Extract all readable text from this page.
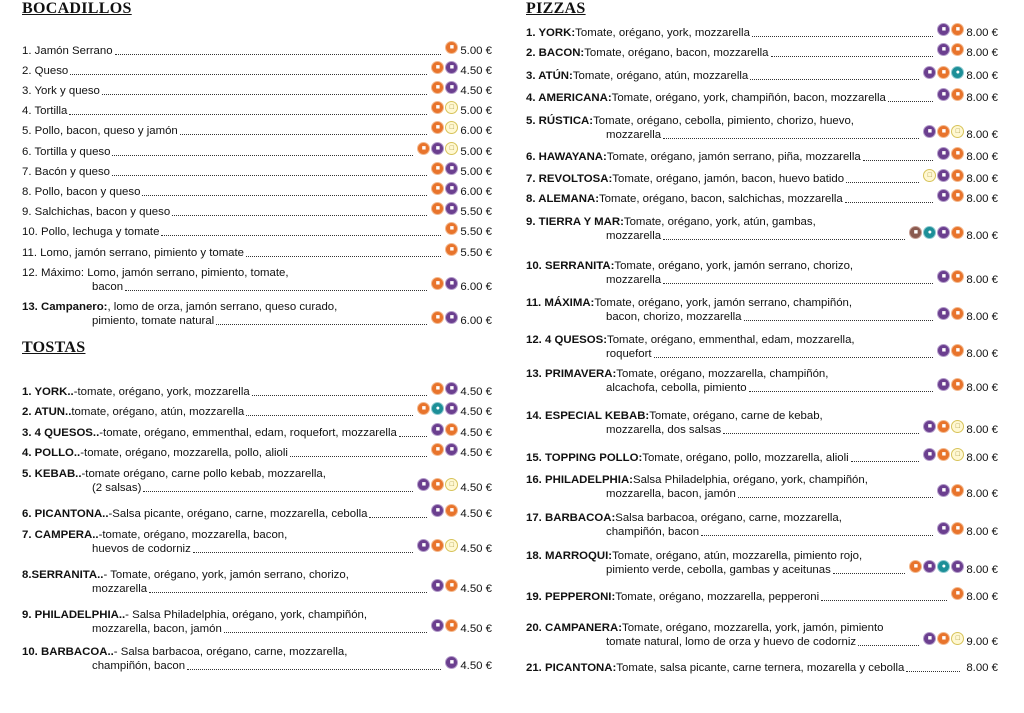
BOCADILLOS
1. Jamón Serrano	■ 5.00 €
2. Queso	■	■ 4.50 €
3. York y queso	■	■ 4.50 €
4. Tortilla	■	□ 5.00 €
5. Pollo, bacon, queso y jamón	■	□ 6.00 €
6. Tortilla y queso	■	■	□ 5.00 €
7. Bacón y queso	■	■ 5.00 €
8. Pollo, bacon y queso	■	■ 6.00 €
9. Salchichas, bacon y queso	■	■ 5.50 €
10. Pollo, lechuga y tomate	■ 5.50 €
11. Lomo, jamón serrano, pimiento y tomate	■ 5.50 €
12. Máximo: Lomo, jamón serrano, pimiento, tomate,
bacon	■	■ 6.00 €
13. Campanero: , lomo de orza, jamón serrano, queso curado,
pimiento, tomate natural	■	■ 6.00 €
TOSTAS
1. YORK.. -tomate, orégano, york, mozzarella	■	■ 4.50 €
2. ATUN.. tomate, orégano, atún, mozzarella	■	●	■ 4.50 €
3. 4 QUESOS.. -tomate, orégano, emmenthal, edam, roquefort, mozzarella	■	■ 4.50 €
4. POLLO.. -tomate, orégano, mozzarella, pollo, alioli	■	■ 4.50 €
5. KEBAB.. -tomate orégano, carne pollo kebab, mozzarella,
(2 salsas)	■	■	□ 4.50 €
6. PICANTONA.. -Salsa picante, orégano, carne, mozzarella, cebolla	■	■ 4.50 €
7. CAMPERA.. -tomate, orégano, mozzarella, bacon,
huevos de codorniz	■	■	□ 4.50 €
8.SERRANITA.. - Tomate, orégano, york, jamón serrano, chorizo,
mozzarella	■	■ 4.50 €
9. PHILADELPHIA.. - Salsa Philadelphia, orégano, york, champiñón,
mozzarella, bacon, jamón	■	■ 4.50 €
10. BARBACOA.. - Salsa barbacoa, orégano, carne, mozzarella,
champiñón, bacon	■ 4.50 €
PIZZAS
1. YORK: Tomate, orégano, york, mozzarella	■	■ 8.00 €
2. BACON: Tomate, orégano, bacon, mozzarella	■	■ 8.00 €
3. ATÚN: Tomate, orégano, atún, mozzarella	■	■	● 8.00 €
4. AMERICANA: Tomate, orégano, york, champiñón, bacon, mozzarella	■	■ 8.00 €
5. RÚSTICA: Tomate, orégano, cebolla, pimiento, chorizo, huevo,
mozzarella	■	■	□ 8.00 €
6. HAWAYANA: Tomate, orégano, jamón serrano, piña, mozzarella	■	■ 8.00 €
7. REVOLTOSA: Tomate, orégano, jamón, bacon, huevo batido	□	■	■ 8.00 €
8. ALEMANA: Tomate, orégano, bacon, salchichas, mozzarella	■	■ 8.00 €
9. TIERRA Y MAR: Tomate, orégano, york, atún, gambas,
mozzarella	■	●	■	■ 8.00 €
10. SERRANITA: Tomate, orégano, york, jamón serrano, chorizo,
mozzarella	■	■ 8.00 €
11. MÁXIMA: Tomate, orégano, york, jamón serrano, champiñón,
bacon, chorizo, mozzarella	■	■ 8.00 €
12. 4 QUESOS: Tomate, orégano, emmenthal, edam, mozzarella,
roquefort	■	■ 8.00 €
13. PRIMAVERA: Tomate, orégano, mozzarella, champiñón,
alcachofa, cebolla, pimiento	■	■ 8.00 €
14. ESPECIAL KEBAB: Tomate, orégano, carne de kebab,
mozzarella, dos salsas	■	■	□ 8.00 €
15. TOPPING POLLO: Tomate, orégano, pollo, mozzarella, alioli	■	■	□ 8.00 €
16. PHILADELPHIA: Salsa Philadelphia, orégano, york, champiñón,
mozzarella, bacon, jamón	■	■ 8.00 €
17. BARBACOA: Salsa barbacoa, orégano, carne, mozzarella,
champiñón, bacon	■	■ 8.00 €
18. MARROQUI: Tomate, orégano, atún, mozzarella, pimiento rojo,
pimiento verde, cebolla, gambas y aceitunas	■	■	●	■ 8.00 €
19. PEPPERONI: Tomate, orégano, mozzarella, pepperoni	■ 8.00 €
20. CAMPANERA: Tomate, orégano, mozzarella, york, jamón, pimiento
tomate natural, lomo de orza y huevo de codorniz	■	■	□ 9.00 €
21. PICANTONA: Tomate, salsa picante, carne ternera, mozarella y cebolla	8.00 €
